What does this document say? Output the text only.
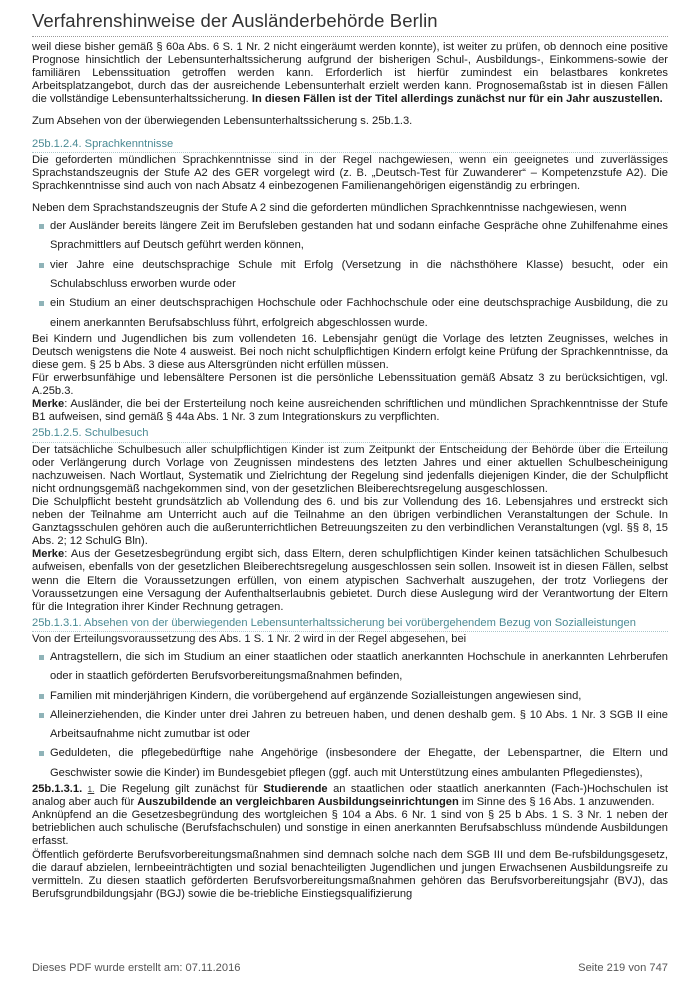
Verfahrenshinweise der Ausländerbehörde Berlin

weil diese bisher gemäß § 60a Abs. 6 S. 1 Nr. 2 nicht eingeräumt werden konnte), ist weiter zu prüfen, ob dennoch eine positive Prognose hinsichtlich der Lebensunterhaltssicherung aufgrund der bisherigen Schul-, Ausbildungs-, Einkommens-sowie der familiären Lebenssituation getroffen werden kann. Erforderlich ist hierfür zumindest ein belastbares konkretes Arbeitsplatzangebot, durch das der ausreichende Lebensunterhalt erzielt werden kann. Prognosemaßstab ist in diesen Fällen die vollständige Lebensunterhaltssicherung. In diesen Fällen ist der Titel allerdings zunächst nur für ein Jahr auszustellen.

Zum Absehen von der überwiegenden Lebensunterhaltssicherung s. 25b.1.3.

25b.1.2.4. Sprachkenntnisse

Die geforderten mündlichen Sprachkenntnisse sind in der Regel nachgewiesen, wenn ein geeignetes und zuverlässiges Sprachstandszeugnis der Stufe A2 des GER vorgelegt wird (z. B. „Deutsch-Test für Zuwanderer“ – Kompetenzstufe A2). Die Sprachkenntnisse sind auch von nach Absatz 4 einbezogenen Familienangehörigen eigenständig zu erbringen.

Neben dem Sprachstandszeugnis der Stufe A 2 sind die geforderten mündlichen Sprachkenntnisse nachgewiesen, wenn

der Ausländer bereits längere Zeit im Berufsleben gestanden hat und sodann einfache Gespräche ohne Zuhilfenahme eines Sprachmittlers auf Deutsch geführt werden können,
vier Jahre eine deutschsprachige Schule mit Erfolg (Versetzung in die nächsthöhere Klasse) besucht, oder ein Schulabschluss erworben wurde oder
ein Studium an einer deutschsprachigen Hochschule oder Fachhochschule oder eine deutschsprachige Ausbildung, die zu einem anerkannten Berufsabschluss führt, erfolgreich abgeschlossen wurde.

Bei Kindern und Jugendlichen bis zum vollendeten 16. Lebensjahr genügt die Vorlage des letzten Zeugnisses, welches in Deutsch wenigstens die Note 4 ausweist. Bei noch nicht schulpflichtigen Kindern erfolgt keine Prüfung der Sprachkenntnisse, da diese gem. § 25 b Abs. 3 diese aus Altersgründen nicht erfüllen müssen.

Für erwerbsunfähige und lebensältere Personen ist die persönliche Lebenssituation gemäß Absatz 3 zu berücksichtigen, vgl. A.25b.3.

Merke: Ausländer, die bei der Ersterteilung noch keine ausreichenden schriftlichen und mündlichen Sprachkenntnisse der Stufe B1 aufweisen, sind gemäß § 44a Abs. 1 Nr. 3 zum Integrationskurs zu verpflichten.

25b.1.2.5. Schulbesuch

Der tatsächliche Schulbesuch aller schulpflichtigen Kinder ist zum Zeitpunkt der Entscheidung der Behörde über die Erteilung oder Verlängerung durch Vorlage von Zeugnissen mindestens des letzten Jahres und einer aktuellen Schulbescheinigung nachzuweisen. Nach Wortlaut, Systematik und Zielrichtung der Regelung sind jedenfalls diejenigen Kinder, die der Schulpflicht nicht ordnungsgemäß nachgekommen sind, von der gesetzlichen Bleiberechtsregelung ausgeschlossen.

Die Schulpflicht besteht grundsätzlich ab Vollendung des 6. und bis zur Vollendung des 16. Lebensjahres und erstreckt sich neben der Teilnahme am Unterricht auch auf die Teilnahme an den übrigen verbindlichen Veranstaltungen der Schule. In Ganztagsschulen gehören auch die außerunterrichtlichen Betreuungszeiten zu den verbindlichen Veranstaltungen (vgl. §§ 8, 15 Abs. 2; 12 SchulG Bln).

Merke: Aus der Gesetzesbegründung ergibt sich, dass Eltern, deren schulpflichtigen Kinder keinen tatsächlichen Schulbesuch aufweisen, ebenfalls von der gesetzlichen Bleiberechtsregelung ausgeschlossen sein sollen. Insoweit ist in diesen Fällen, selbst wenn die Eltern die Voraussetzungen erfüllen, von einem atypischen Sachverhalt auszugehen, der trotz Vorliegens der Voraussetzungen eine Versagung der Aufenthaltserlaubnis gebietet. Durch diese Auslegung wird der Verantwortung der Eltern für die Integration ihrer Kinder Rechnung getragen.

25b.1.3.1. Absehen von der überwiegenden Lebensunterhaltssicherung bei vorübergehendem Bezug von Sozialleistungen

Von der Erteilungsvoraussetzung des Abs. 1 S. 1 Nr. 2 wird in der Regel abgesehen, bei

Antragstellern, die sich im Studium an einer staatlichen oder staatlich anerkannten Hochschule in anerkannten Lehrberufen oder in staatlich geförderten Berufsvorbereitungsmaßnahmen befinden,
Familien mit minderjährigen Kindern, die vorübergehend auf ergänzende Sozialleistungen angewiesen sind,
Alleinerziehenden, die Kinder unter drei Jahren zu betreuen haben, und denen deshalb gem. § 10 Abs. 1 Nr. 3 SGB II eine Arbeitsaufnahme nicht zumutbar ist oder
Geduldeten, die pflegebedürftige nahe Angehörige (insbesondere der Ehegatte, der Lebenspartner, die Eltern und Geschwister sowie die Kinder) im Bundesgebiet pflegen (ggf. auch mit Unterstützung eines ambulanten Pflegedienstes),

25b.1.3.1. $^{1.}$ Die Regelung gilt zunächst für Studierende an staatlichen oder staatlich anerkannten (Fach-)Hochschulen ist analog aber auch für Auszubildende an vergleichbaren Ausbildungseinrichtungen im Sinne des § 16 Abs. 1 anzuwenden.

Anknüpfend an die Gesetzesbegründung des wortgleichen § 104 a Abs. 6 Nr. 1 sind von § 25 b Abs. 1 S. 3 Nr. 1 neben der betrieblichen auch schulische (Berufsfachschulen) und sonstige in einen anerkannten Berufsabschluss mündende Ausbildungen erfasst.

Öffentlich geförderte Berufsvorbereitungsmaßnahmen sind demnach solche nach dem SGB III und dem Be-rufsbildungsgesetz, die darauf abzielen, lernbeeinträchtigten und sozial benachteiligten Jugendlichen und jungen Erwachsenen Ausbildungsreife zu vermitteln. Zu diesen staatlich geförderten Berufsvorbereitungsmaßnahmen gehören das Berufsvorbereitungsjahr (BVJ), das Berufsgrundbildungsjahr (BGJ) sowie die be-triebliche Einstiegsqualifizierung

Dieses PDF wurde erstellt am: 07.11.2016	Seite 219 von 747
